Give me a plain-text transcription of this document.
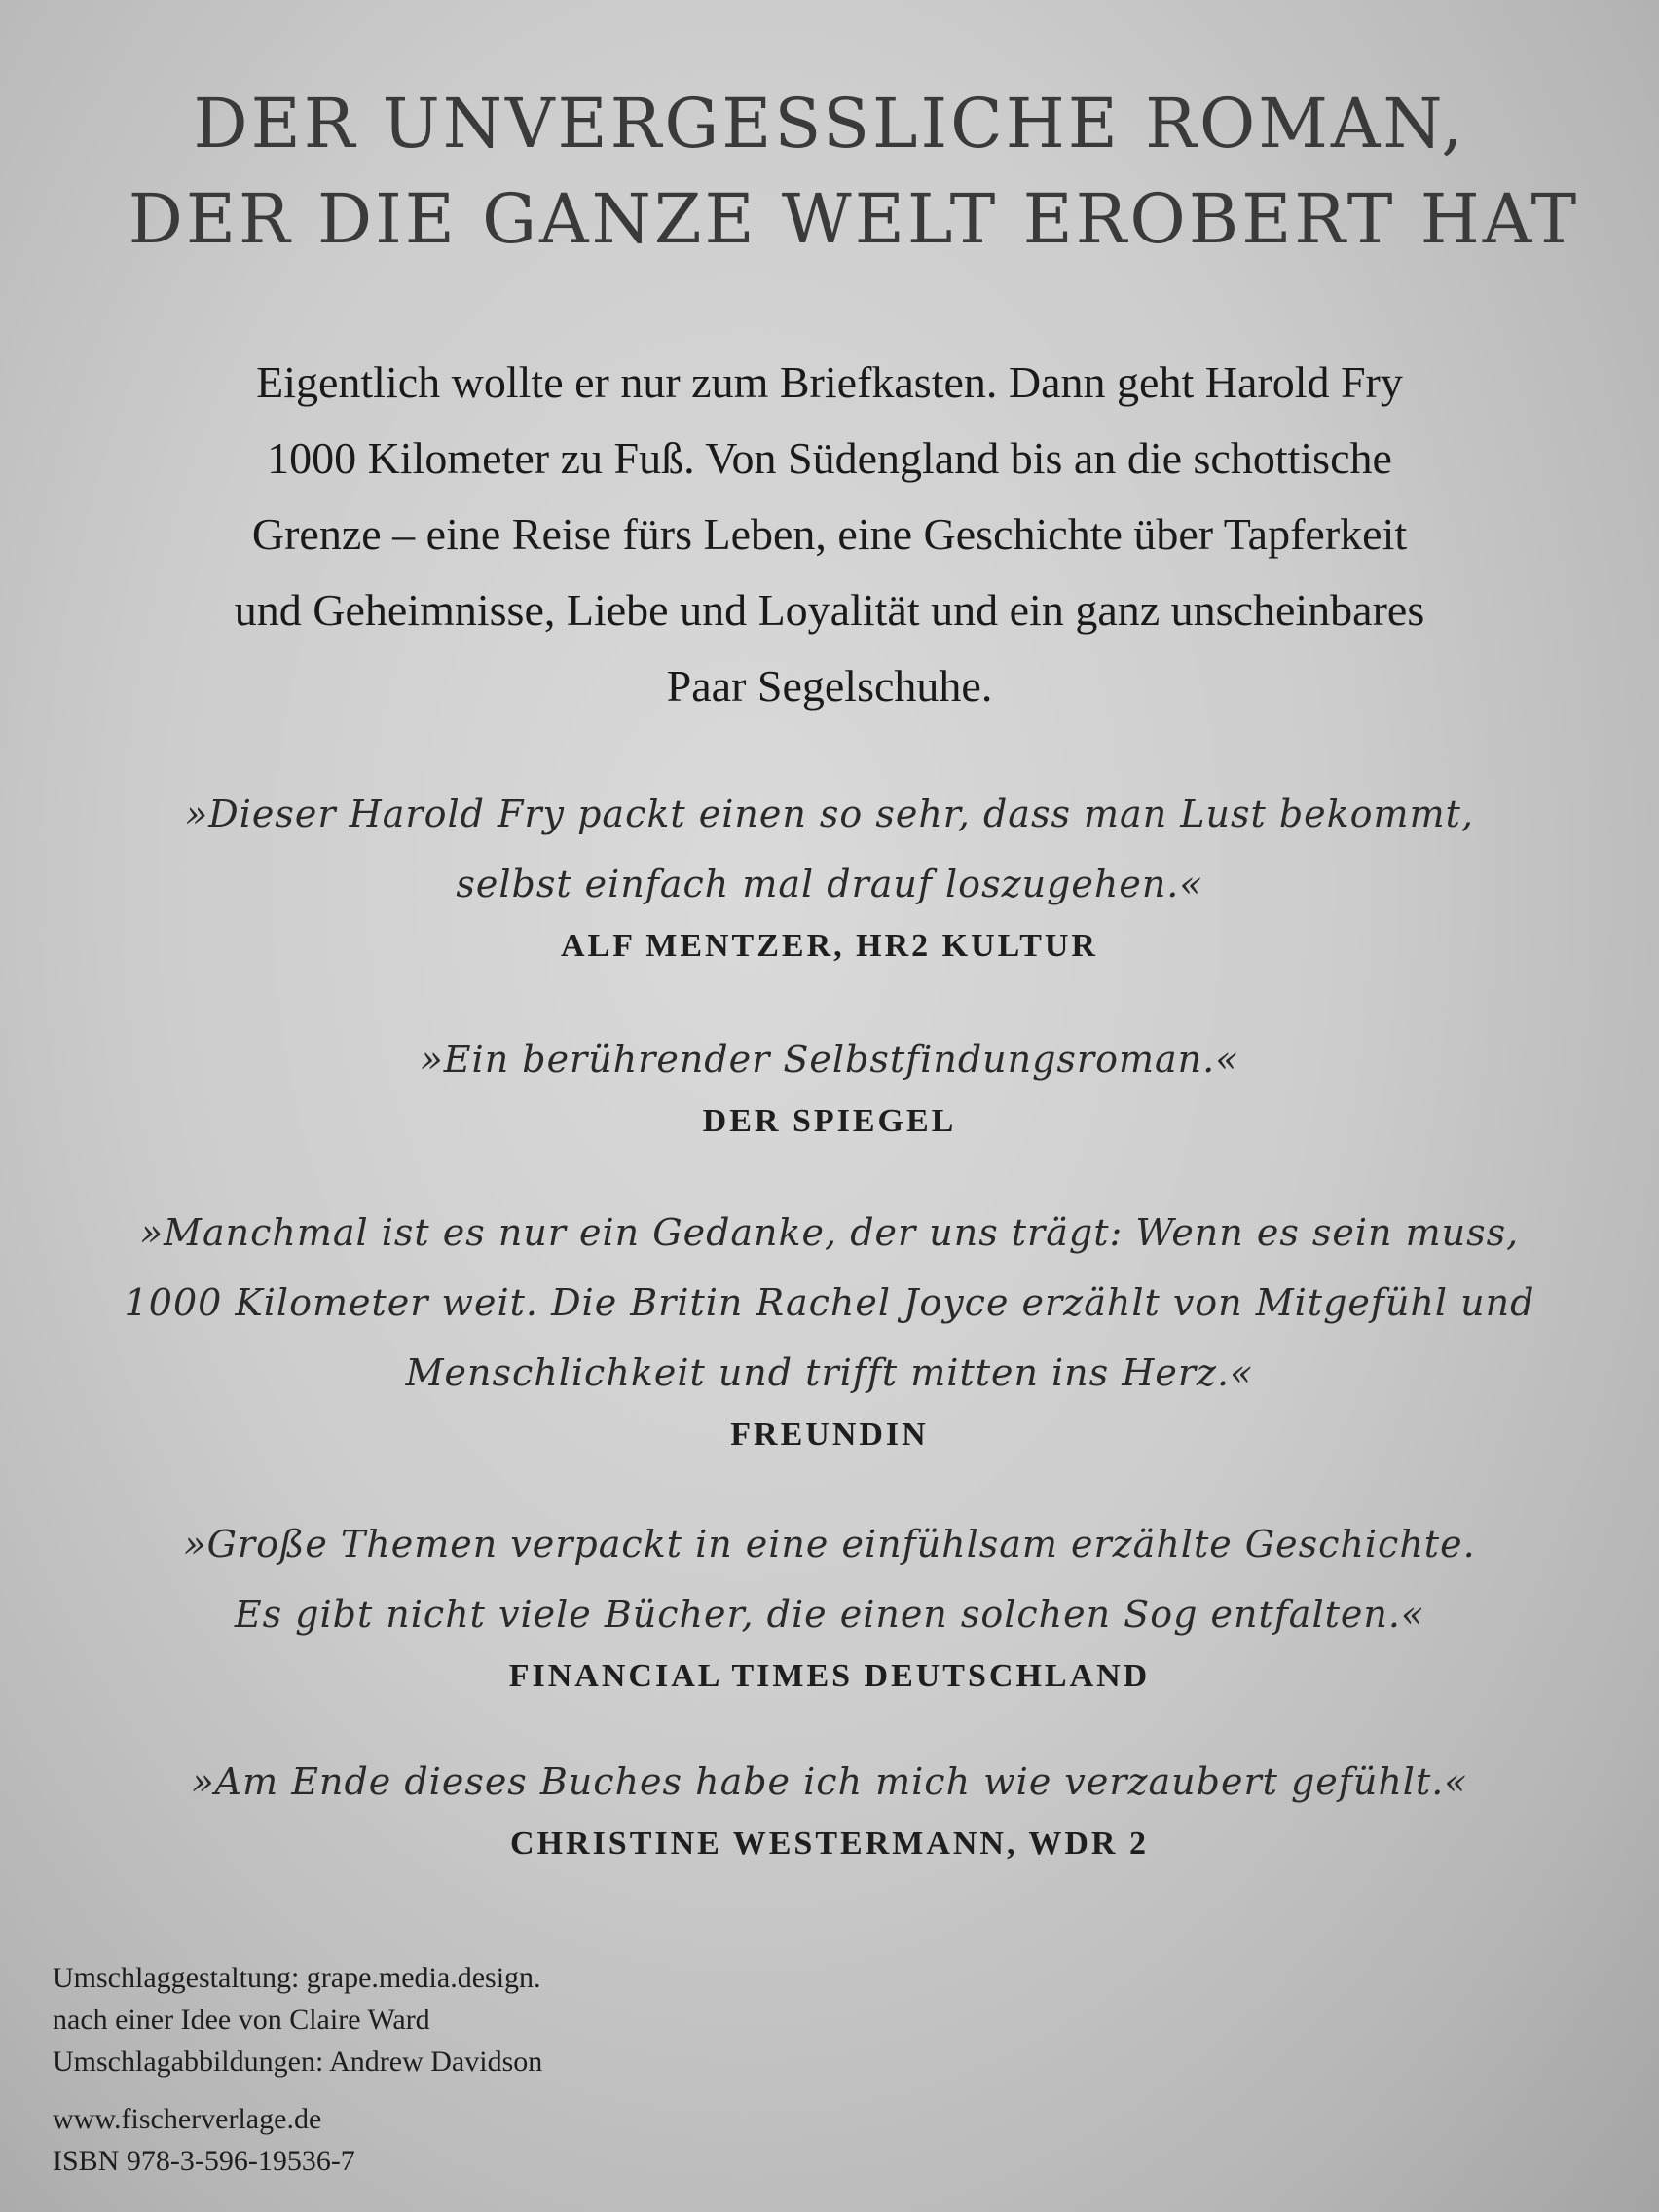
DER UNVERGESSLICHE ROMAN,
DER DIE GANZE WELT EROBERT HAT

Eigentlich wollte er nur zum Briefkasten. Dann geht Harold Fry
1000 Kilometer zu Fuß. Von Südengland bis an die schottische
Grenze – eine Reise fürs Leben, eine Geschichte über Tapferkeit
und Geheimnisse, Liebe und Loyalität und ein ganz unscheinbares
Paar Segelschuhe.

»Dieser Harold Fry packt einen so sehr, dass man Lust bekommt,
selbst einfach mal drauf loszugehen.«
ALF MENTZER, HR2 KULTUR
»Ein berührender Selbstfindungsroman.«
DER SPIEGEL
»Manchmal ist es nur ein Gedanke, der uns trägt: Wenn es sein muss,
1000 Kilometer weit. Die Britin Rachel Joyce erzählt von Mitgefühl und
Menschlichkeit und trifft mitten ins Herz.«
FREUNDIN
»Große Themen verpackt in eine einfühlsam erzählte Geschichte.
Es gibt nicht viele Bücher, die einen solchen Sog entfalten.«
FINANCIAL TIMES DEUTSCHLAND
»Am Ende dieses Buches habe ich mich wie verzaubert gefühlt.«
CHRISTINE WESTERMANN, WDR 2
Umschlaggestaltung: grape.media.design.
nach einer Idee von Claire Ward
Umschlagabbildungen: Andrew Davidson
www.fischerverlage.de
ISBN 978-3-596-19536-7
